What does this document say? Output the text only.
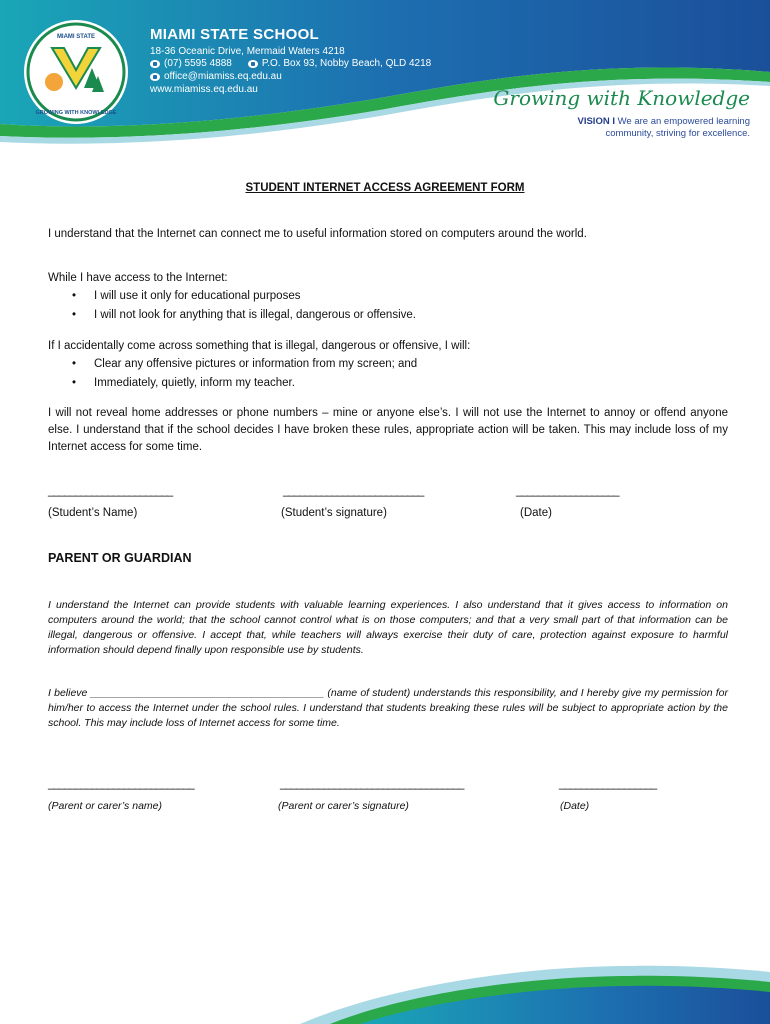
MIAMI STATE
GROWING WITH KNOWLEDGE
MIAMI STATE SCHOOL
18-36 Oceanic Drive, Mermaid Waters 4218
(07) 5595 4888	P.O. Box 93, Nobby Beach, QLD 4218
office@miamiss.eq.edu.au
www.miamiss.eq.edu.au	Growing with Knowledge
VISION I We are an empowered learning
community, striving for excellence.
STUDENT INTERNET ACCESS AGREEMENT FORM
I understand that the Internet can connect me to useful information stored on computers around the world.
While I have access to the Internet:
• I will use it only for educational purposes
• I will not look for anything that is illegal, dangerous or offensive.
If I accidentally come across something that is illegal, dangerous or offensive, I will:
• Clear any offensive pictures or information from my screen; and
• Immediately, quietly, inform my teacher.
I will not reveal home addresses or phone numbers – mine or anyone else’s. I will not use the Internet to annoy or offend anyone else. I understand that if the school decides I have broken these rules, appropriate action will be taken. This may include loss of my Internet access for some time.
_______________________	__________________________	___________________
(Student’s Name)	(Student’s signature)	(Date)
PARENT OR GUARDIAN
I understand the Internet can provide students with valuable learning experiences. I also understand that it gives access to information on computers around the world; that the school cannot control what is on those computers; and that a very small part of that information can be illegal, dangerous or offensive. I accept that, while teachers will always exercise their duty of care, protection against exposure to harmful information should depend finally upon responsible use by students.
I believe ________________________________________ (name of student) understands this responsibility, and I hereby give my permission for him/her to access the Internet under the school rules. I understand that students breaking these rules will be subject to appropriate action by the school. This may include loss of Internet access for some time.
___________________________	__________________________________	__________________
(Parent or carer’s name)	(Parent or carer’s signature)	(Date)
